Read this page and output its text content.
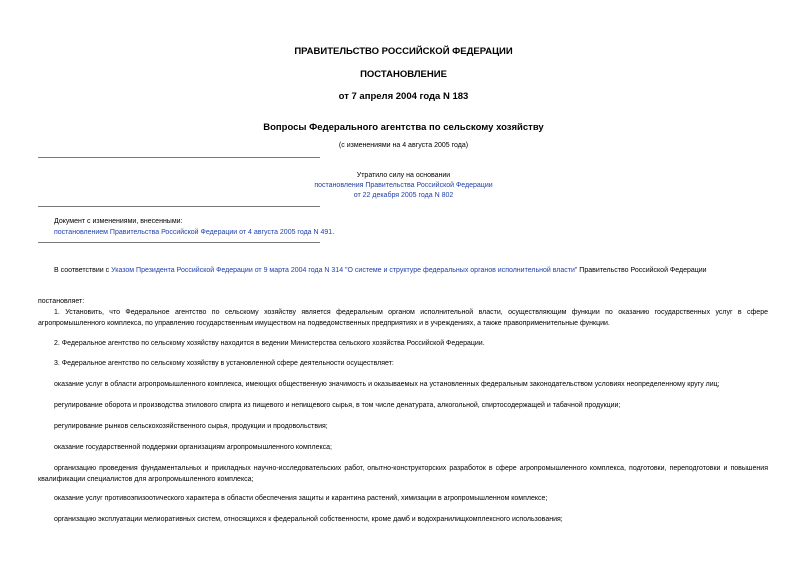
ПРАВИТЕЛЬСТВО РОССИЙСКОЙ ФЕДЕРАЦИИ
ПОСТАНОВЛЕНИЕ
от 7 апреля 2004 года N 183
Вопросы Федерального агентства по сельскому хозяйству
(с изменениями на 4 августа 2005 года)
Утратило силу на основании
постановления Правительства Российской Федерации
от 22 декабря 2005 года N 802
Документ с изменениями, внесенными:
постановлением Правительства Российской Федерации от 4 августа 2005 года N 491.
В соответствии с Указом Президента Российской Федерации от 9 марта 2004 года N 314 "О системе и структуре федеральных органов исполнительной власти" Правительство Российской Федерации
постановляет:
1. Установить, что Федеральное агентство по сельскому хозяйству является федеральным органом исполнительной власти, осуществляющим функции по оказанию государственных услуг в сфере агропромышленного комплекса, по управлению государственным имуществом на подведомственных предприятиях и в учреждениях, а также правоприменительные функции.
2. Федеральное агентство по сельскому хозяйству находится в ведении Министерства сельского хозяйства Российской Федерации.
3. Федеральное агентство по сельскому хозяйству в установленной сфере деятельности осуществляет:
оказание услуг в области агропромышленного комплекса, имеющих общественную значимость и оказываемых на установленных федеральным законодательством условиях неопределенному кругу лиц;
регулирование оборота и производства этилового спирта из пищевого и непищевого сырья, в том числе денатурата, алкогольной, спиртосодержащей и табачной продукции;
регулирование рынков сельскохозяйственного сырья, продукции и продовольствия;
оказание государственной поддержки организациям агропромышленного комплекса;
организацию проведения фундаментальных и прикладных научно-исследовательских работ, опытно-конструкторских разработок в сфере агропромышленного комплекса, подготовки, переподготовки и повышения квалификации специалистов для агропромышленного комплекса;
оказание услуг противоэпизоотического характера в области обеспечения защиты и карантина растений, химизации в агропромышленном комплексе;
организацию эксплуатации мелиоративных систем, относящихся к федеральной собственности, кроме дамб и водохранилищкомплексного использования;
